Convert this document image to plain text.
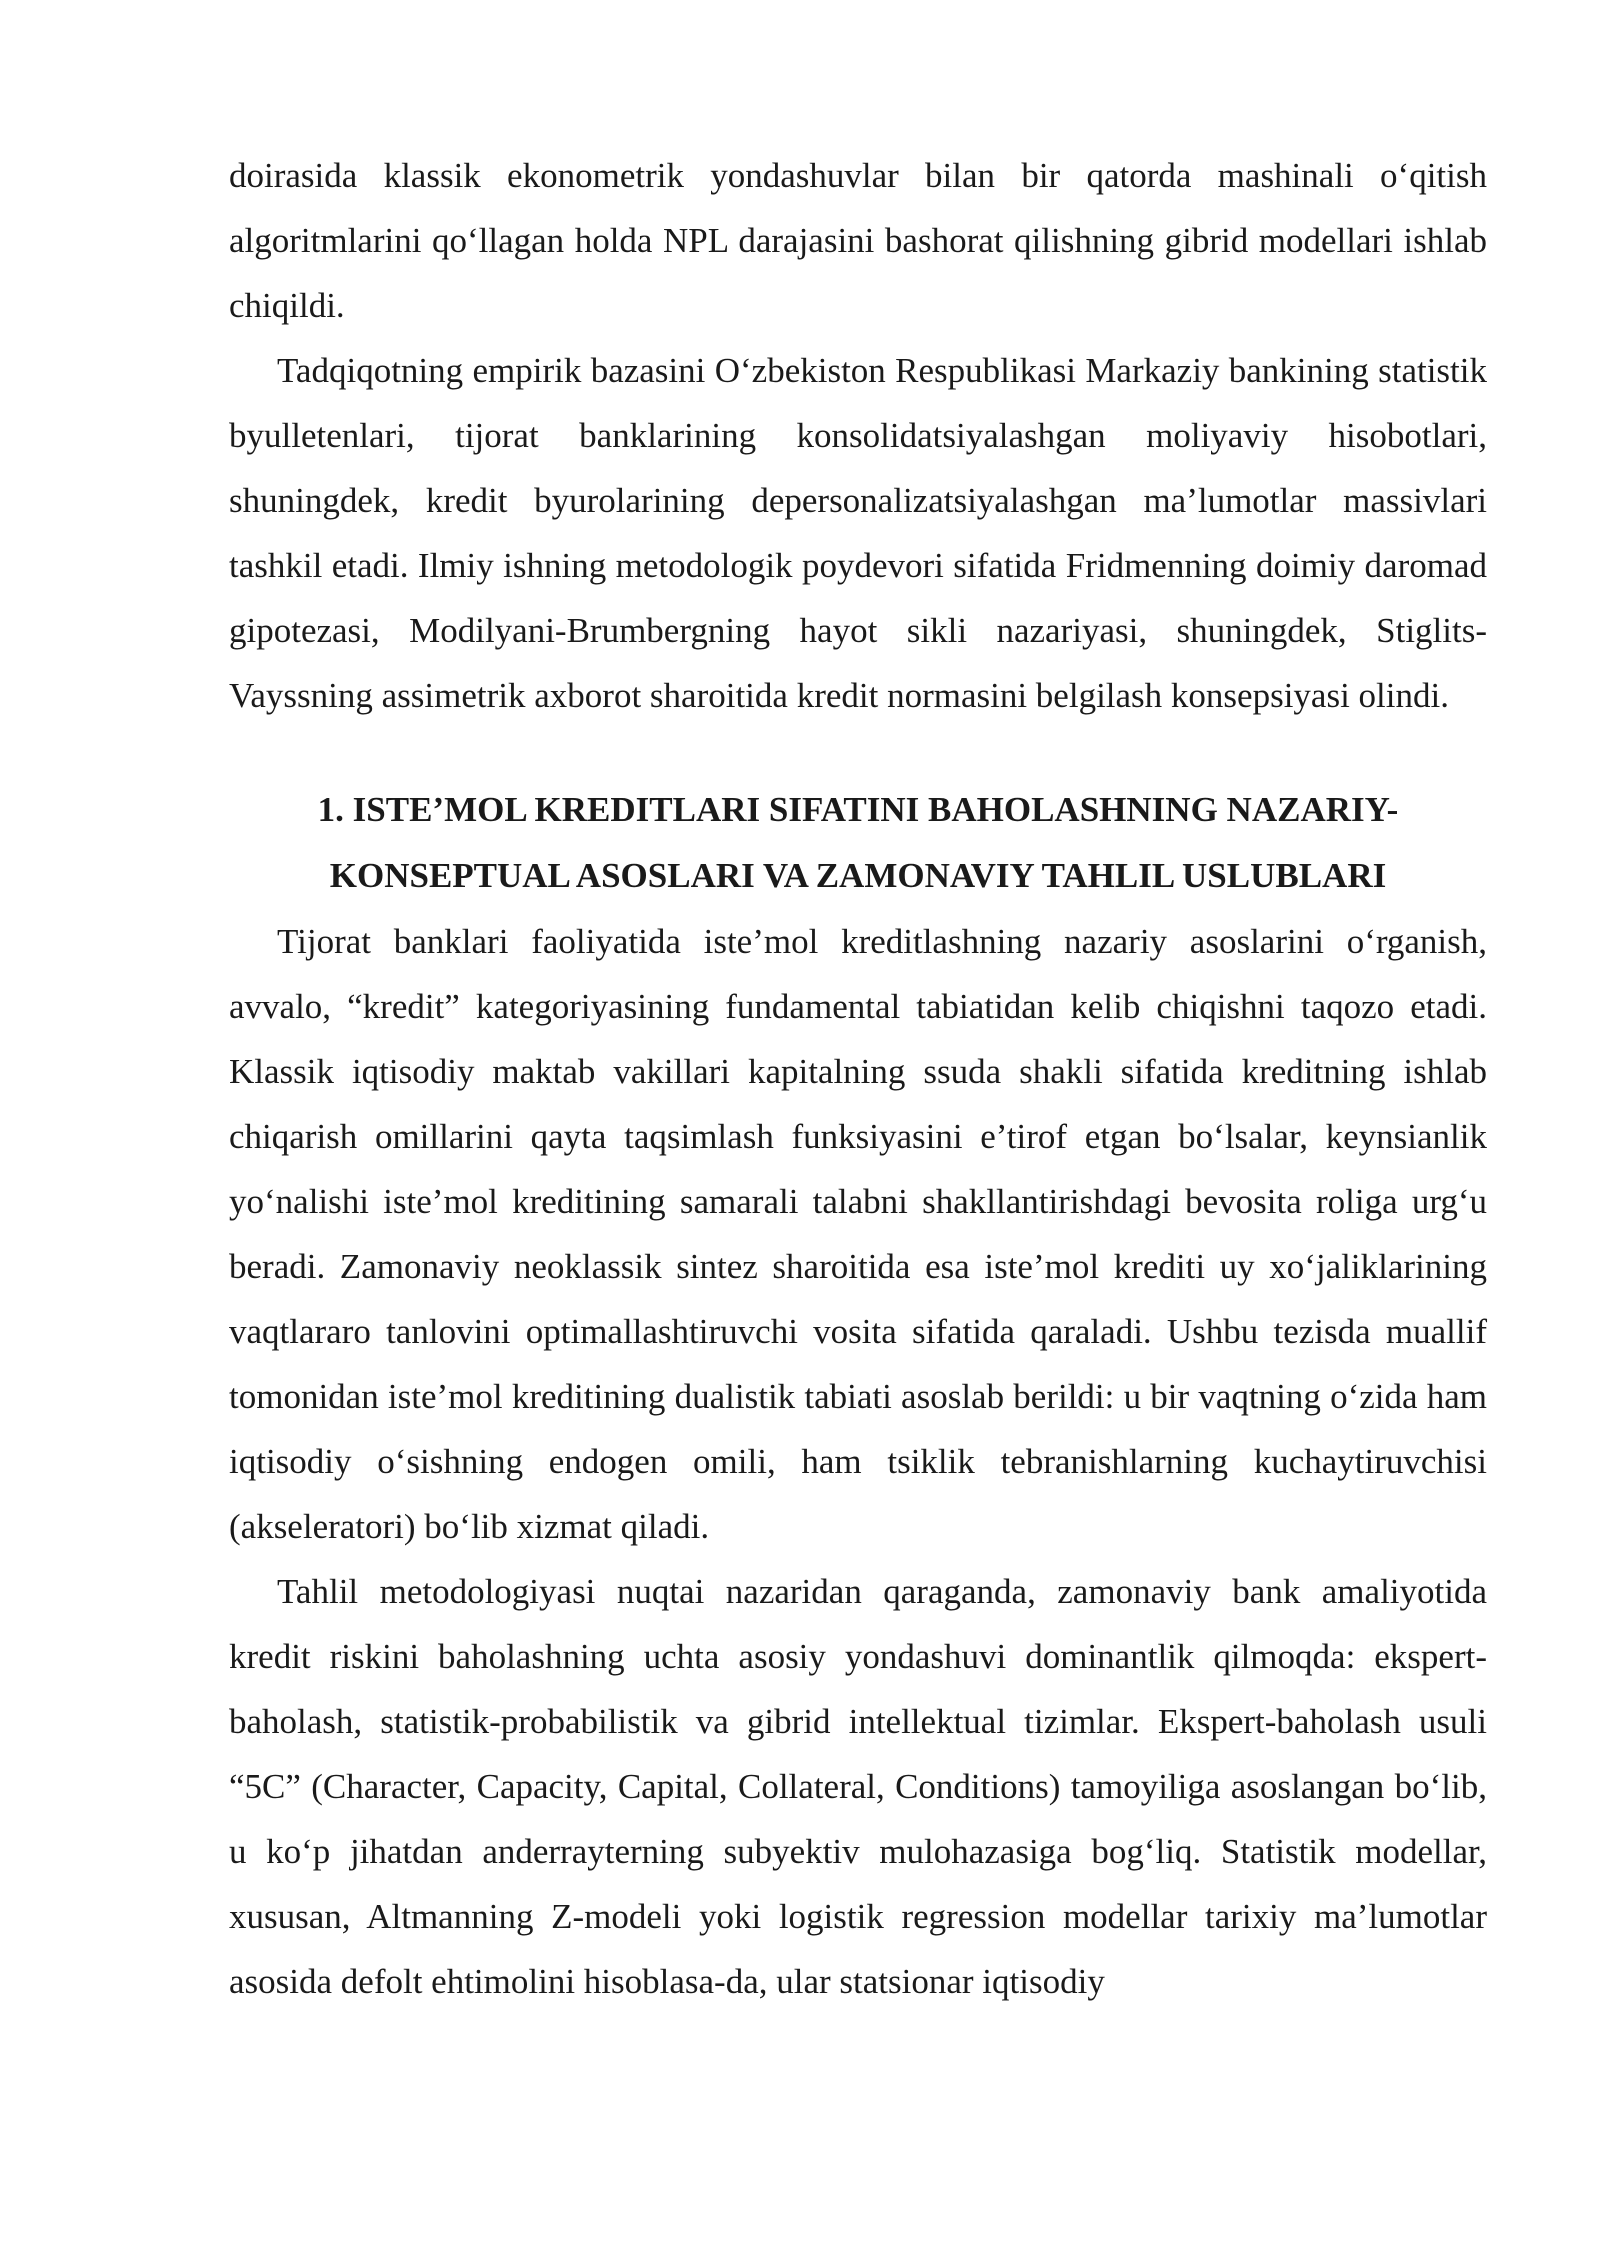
doirasida klassik ekonometrik yondashuvlar bilan bir qatorda mashinali o‘qitish algoritmlarini qo‘llagan holda NPL darajasini bashorat qilishning gibrid modellari ishlab chiqildi.

Tadqiqotning empirik bazasini O‘zbekiston Respublikasi Markaziy bankining statistik byulletenlari, tijorat banklarining konsolidatsiyalashgan moliyaviy hisobotlari, shuningdek, kredit byurolarining depersonalizatsiyalashgan ma’lumotlar massivlari tashkil etadi. Ilmiy ishning metodologik poydevori sifatida Fridmenning doimiy daromad gipotezasi, Modilyani-Brumbergning hayot sikli nazariyasi, shuningdek, Stiglits-Vayssning assimetrik axborot sharoitida kredit normasini belgilash konsepsiyasi olindi.

1. ISTE’MOL KREDITLARI SIFATINI BAHOLASHNING NAZARIY-
KONSEPTUAL ASOSLARI VA ZAMONAVIY TAHLIL USLUBLARI

Tijorat banklari faoliyatida iste’mol kreditlashning nazariy asoslarini o‘rganish, avvalo, “kredit” kategoriyasining fundamental tabiatidan kelib chiqishni taqozo etadi. Klassik iqtisodiy maktab vakillari kapitalning ssuda shakli sifatida kreditning ishlab chiqarish omillarini qayta taqsimlash funksiyasini e’tirof etgan bo‘lsalar, keynsianlik yo‘nalishi iste’mol kreditining samarali talabni shakllantirishdagi bevosita roliga urg‘u beradi. Zamonaviy neoklassik sintez sharoitida esa iste’mol krediti uy xo‘jaliklarining vaqtlararo tanlovini optimallashtiruvchi vosita sifatida qaraladi. Ushbu tezisda muallif tomonidan iste’mol kreditining dualistik tabiati asoslab berildi: u bir vaqtning o‘zida ham iqtisodiy o‘sishning endogen omili, ham tsiklik tebranishlarning kuchaytiruvchisi (akseleratori) bo‘lib xizmat qiladi.

Tahlil metodologiyasi nuqtai nazaridan qaraganda, zamonaviy bank amaliyotida kredit riskini baholashning uchta asosiy yondashuvi dominantlik qilmoqda: ekspert-baholash, statistik-probabilistik va gibrid intellektual tizimlar. Ekspert-baholash usuli “5C” (Character, Capacity, Capital, Collateral, Conditions) tamoyiliga asoslangan bo‘lib, u ko‘p jihatdan anderrayterning subyektiv mulohazasiga bog‘liq. Statistik modellar, xususan, Altmanning Z-modeli yoki logistik regression modellar tarixiy ma’lumotlar asosida defolt ehtimolini hisoblasa-da, ular statsionar iqtisodiy
